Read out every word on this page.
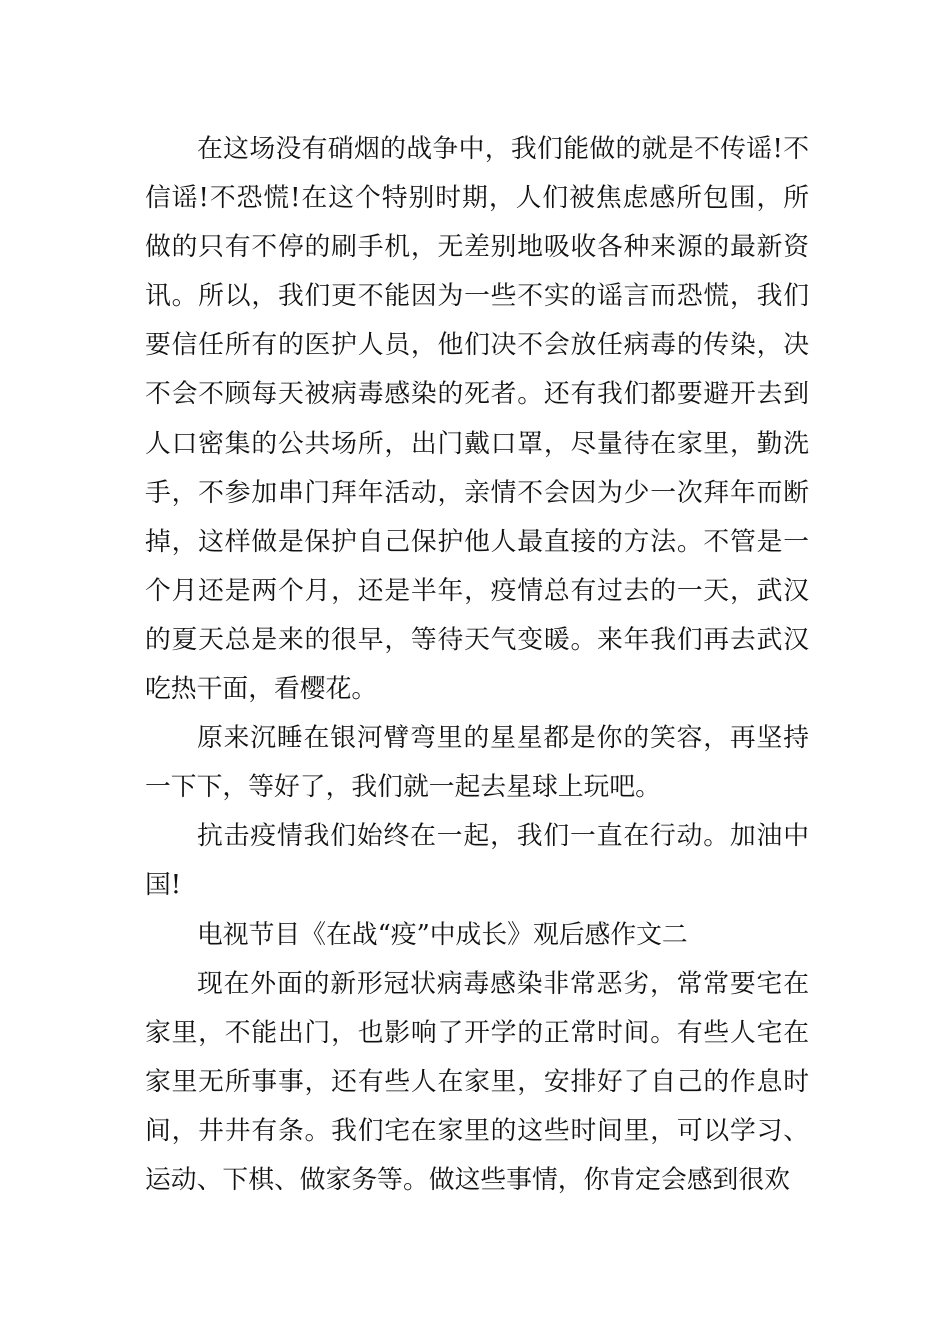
在这场没有硝烟的战争中，我们能做的就是不传谣!不信谣!不恐慌!在这个特别时期，人们被焦虑感所包围，所做的只有不停的刷手机，无差别地吸收各种来源的最新资讯。所以，我们更不能因为一些不实的谣言而恐慌，我们要信任所有的医护人员，他们决不会放任病毒的传染，决不会不顾每天被病毒感染的死者。还有我们都要避开去到人口密集的公共场所，出门戴口罩，尽量待在家里，勤洗手，不参加串门拜年活动，亲情不会因为少一次拜年而断掉，这样做是保护自己保护他人最直接的方法。不管是一个月还是两个月，还是半年，疫情总有过去的一天，武汉的夏天总是来的很早，等待天气变暖。来年我们再去武汉吃热干面，看樱花。

原来沉睡在银河臂弯里的星星都是你的笑容，再坚持一下下，等好了，我们就一起去星球上玩吧。

抗击疫情我们始终在一起，我们一直在行动。加油中国!

电视节目《在战“疫”中成长》观后感作文二

现在外面的新形冠状病毒感染非常恶劣，常常要宅在家里，不能出门，也影响了开学的正常时间。有些人宅在家里无所事事，还有些人在家里，安排好了自己的作息时间，井井有条。我们宅在家里的这些时间里，可以学习、运动、下棋、做家务等。做这些事情，你肯定会感到很欢
